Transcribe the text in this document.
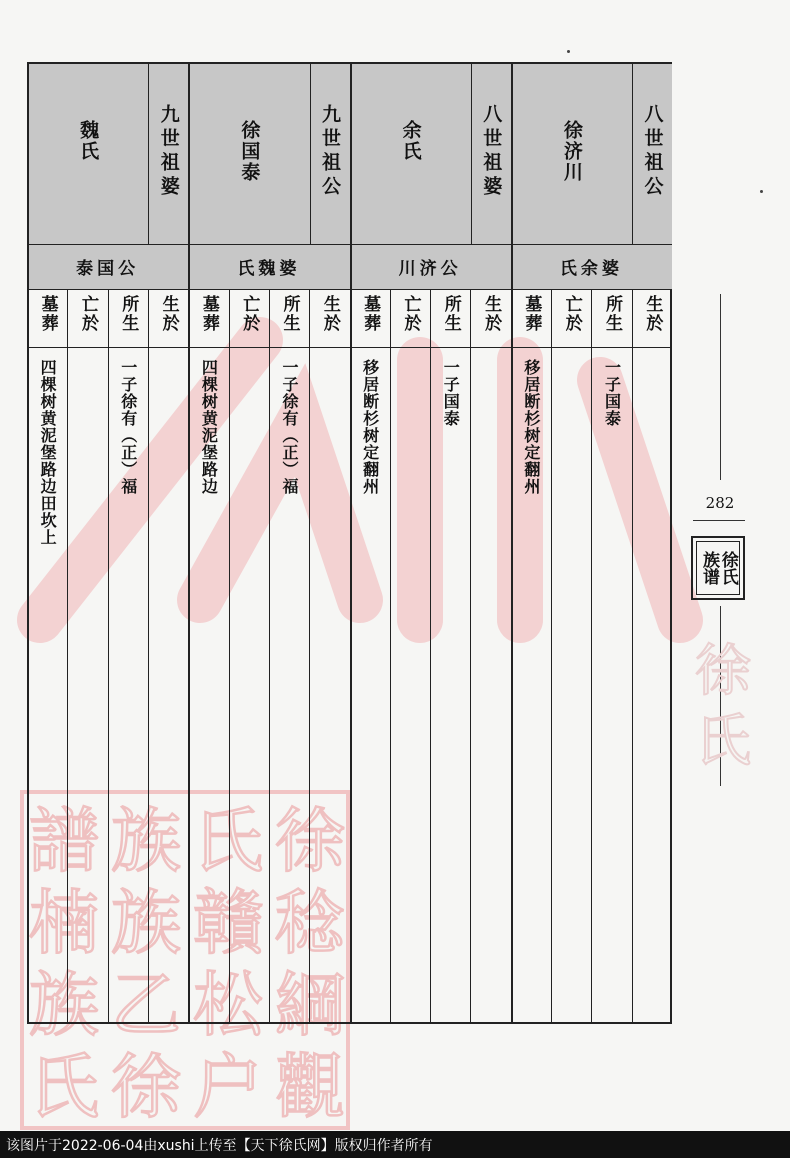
徐
稔
綱
觀
氏
贛
松
户
族
族
乙
徐
譜
楠
族
氏
八世祖公
徐济川
氏余婆
生於
所生
一子国泰
亡於
墓葬
移居断杉树定翻州
八世祖婆
余氏
川济公
生於
所生
一子国泰
亡於
墓葬
移居断杉树定翻州
九世祖公
徐国泰
氏魏婆
生於
所生
一子徐有（正）福
亡於
墓葬
四棵树黄泥堡路边
九世祖婆
魏氏
泰国公
生於
所生
一子徐有（正）福
亡於
墓葬
四棵树黄泥堡路边田坎上	282
族谱
徐氏
徐
氏
该图片于2022-06-04由xushi上传至【天下徐氏网】版权归作者所有
